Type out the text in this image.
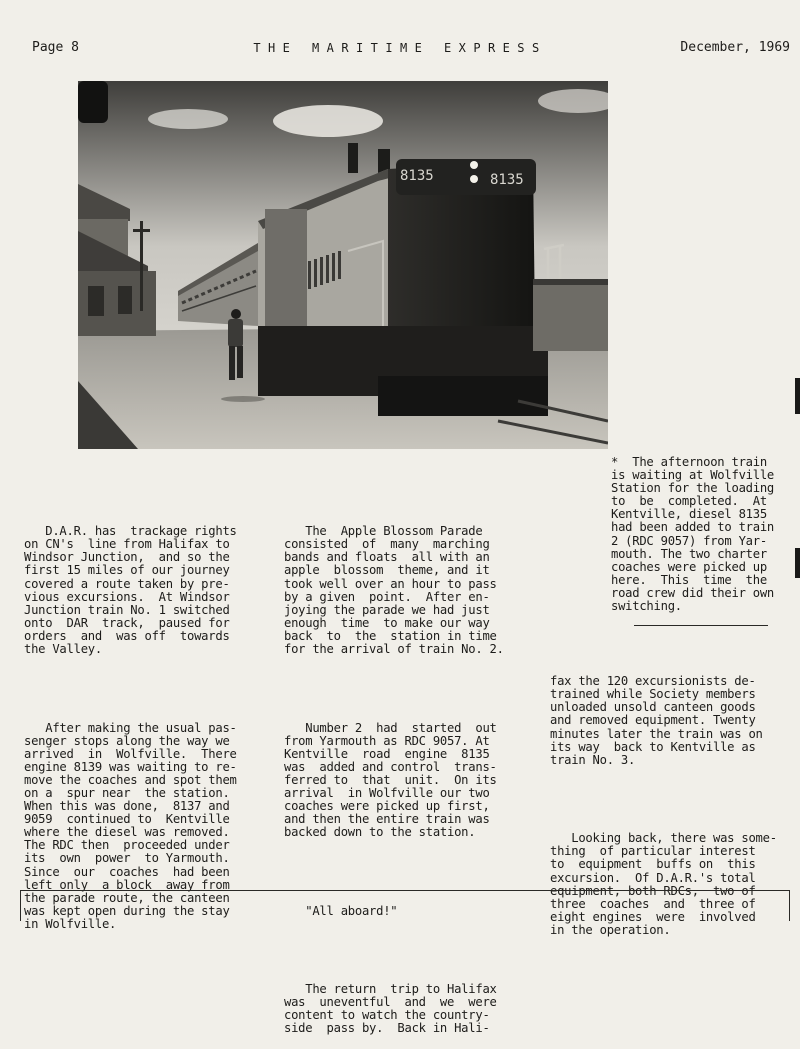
Page 8	THE MARITIME EXPRESS	December, 1969
8135	8135
*  The afternoon train
is waiting at Wolfville
Station for the loading
to  be  completed.  At
Kentville, diesel 8135
had been added to train
2 (RDC 9057) from Yar-
mouth. The two charter
coaches were picked up
here.  This  time  the
road crew did their own
switching.

D.A.R. has  trackage rights
on CN's  line from Halifax to
Windsor Junction,  and so the
first 15 miles of our journey
covered a route taken by pre-
vious excursions.  At Windsor
Junction train No. 1 switched
onto  DAR  track,  paused for
orders  and  was off  towards
the Valley.

After making the usual pas-
senger stops along the way we
arrived  in  Wolfville.  There
engine 8139 was waiting to re-
move the coaches and spot them
on a  spur near  the station.
When this was done,  8137 and
9059  continued to  Kentville
where the diesel was removed.
The RDC then  proceeded under
its  own  power  to Yarmouth.
Since  our  coaches  had been
left only  a block  away from
the parade route, the canteen
was kept open during the stay
in Wolfville.

The  Apple Blossom Parade
consisted  of  many  marching
bands and floats  all with an
apple  blossom  theme, and it
took well over an hour to pass
by a given  point.  After en-
joying the parade we had just
enough  time  to make our way
back  to  the  station in time
for the arrival of train No. 2.

Number 2  had  started  out
from Yarmouth as RDC 9057. At
Kentville  road  engine  8135
was  added and control  trans-
ferred to  that  unit.  On its
arrival  in Wolfville our two
coaches were picked up first,
and then the entire train was
backed down to the station.

"All aboard!"

The return  trip to Halifax
was  uneventful  and  we  were
content to watch the country-
side  pass by.  Back in Hali-

fax the 120 excursionists de-
trained while Society members
unloaded unsold canteen goods
and removed equipment. Twenty
minutes later the train was on
its way  back to Kentville as
train No. 3.

Looking back, there was some-
thing  of particular interest
to  equipment  buffs on  this
excursion.  Of D.A.R.'s total
equipment, both RDCs,  two of
three  coaches  and  three of
eight engines  were  involved
in the operation.
